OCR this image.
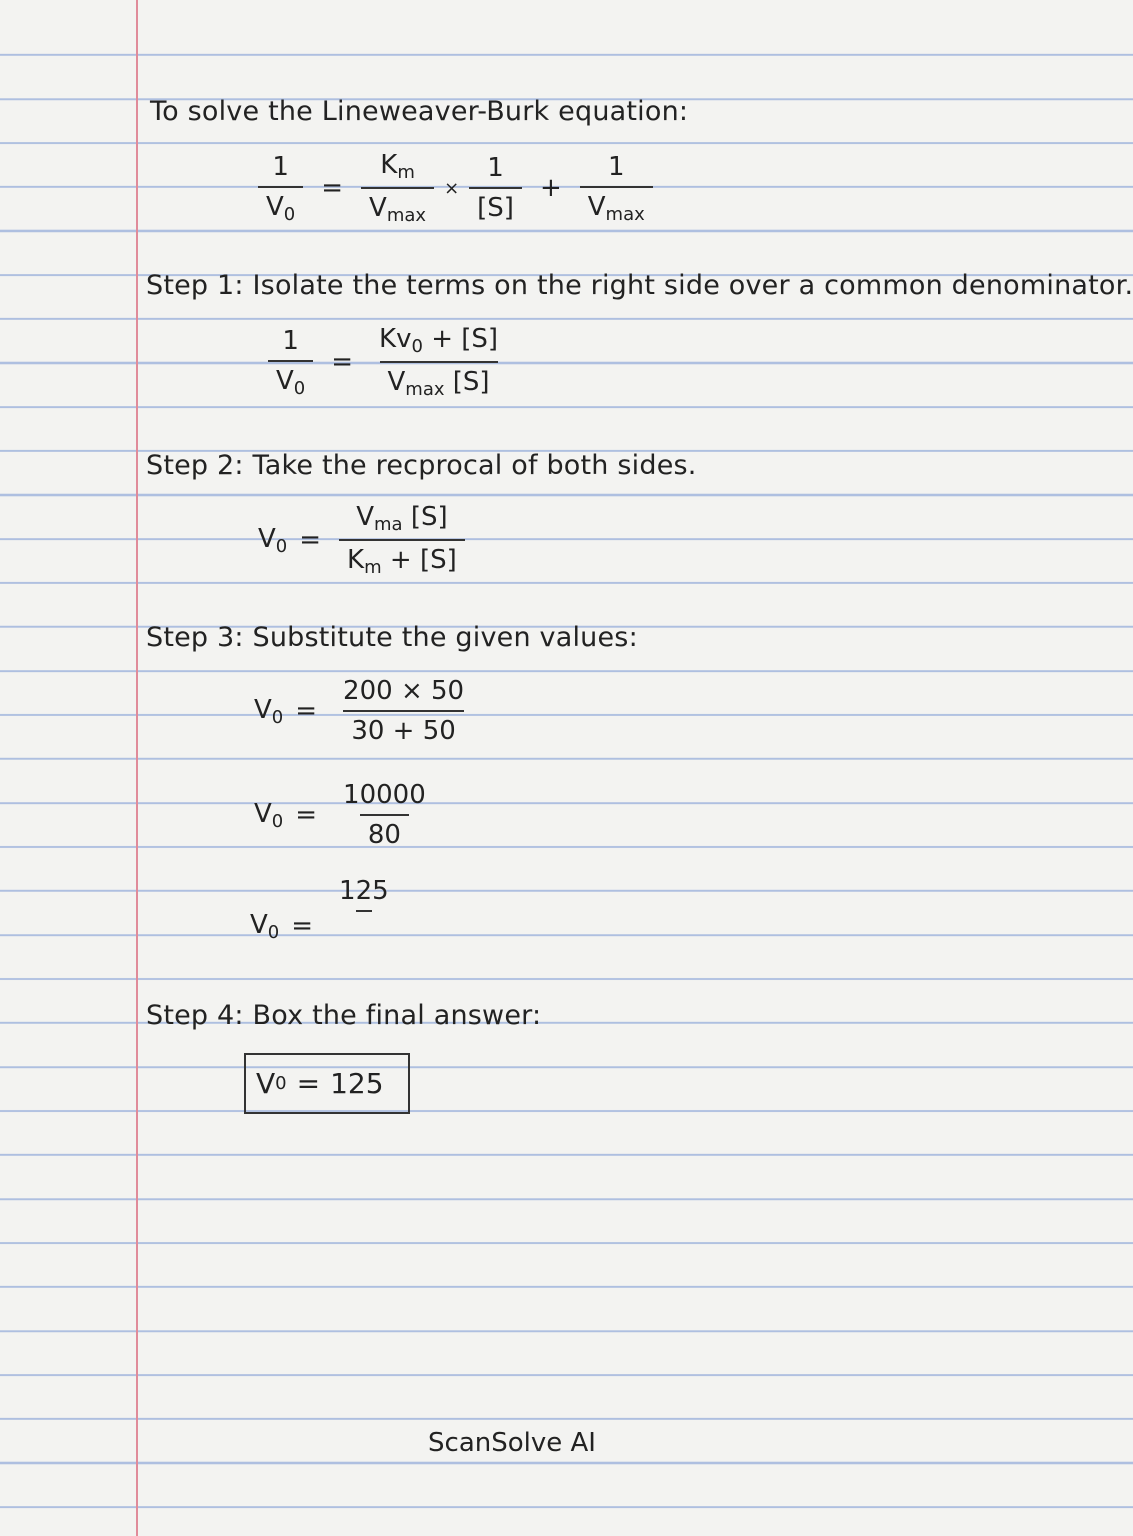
To solve the Lineweaver-Burk equation:
$\frac{1}{V_0} = \frac{K_m}{V_{max}} \times \frac{1}{[S]} + \frac{1}{V_{max}}$
Step 1: Isolate the terms on the right side over a common denominator.
$\frac{1}{V_0} = \frac{Kv_0 + [S]}{V_{max} [S]}$
Step 2: Take the recprocal of both sides.
$V_0 = \frac{V_{ma} [S]}{K_m + [S]}$
Step 3: Substitute the given values:
$V_0 = \frac{200 \times 50}{30 + 50}$
$V_0 = \frac{10000}{80}$
$V_0$ =
125
Step 4: Box the final answer:
V 0 = 125
ScanSolve AI
